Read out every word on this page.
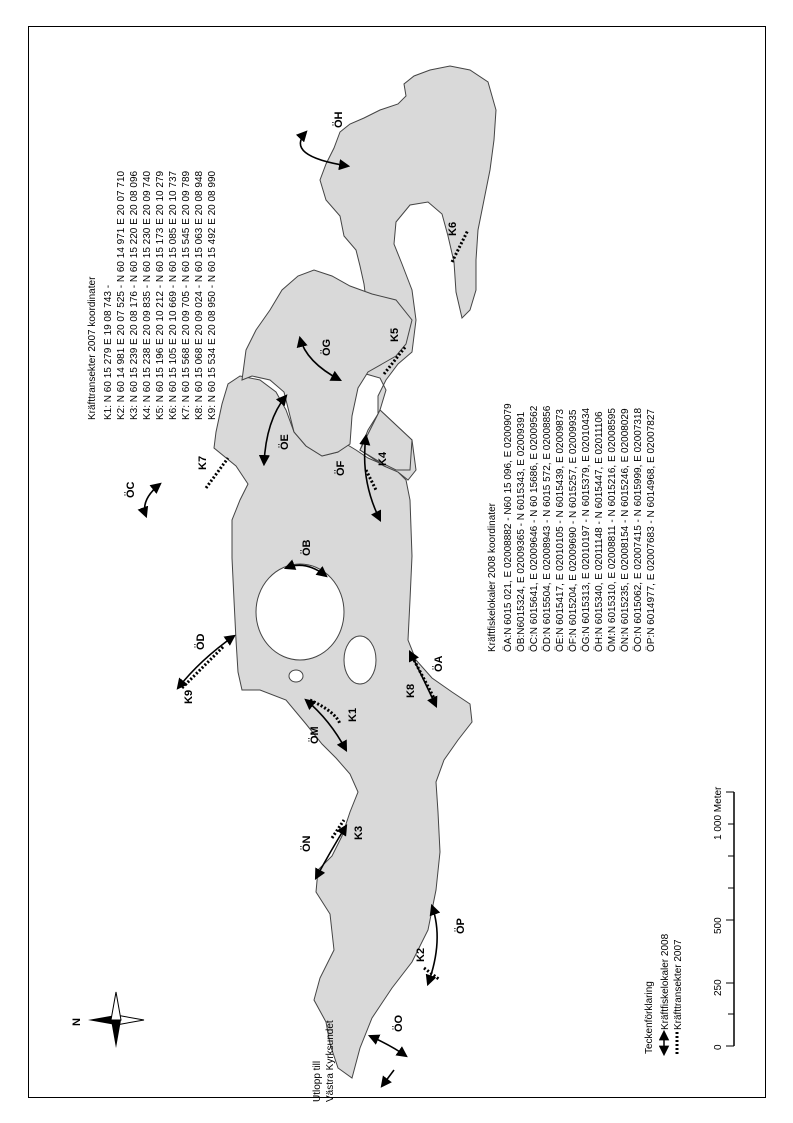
ÖA
ÖB
ÖC
ÖD
ÖE
ÖF
ÖG
ÖH
ÖM
ÖN
ÖO
ÖP
K1
K2
K3
K4
K5
K6
K7
K8
K9
Utlopp till Västra Kyrksundet
N
0
250
500
1 000 Meter
Teckenförklaring Kräftfiskelokaler 2008 Kräfttransekter 2007
Kräfttransekter 2007 koordinater K1: N 60 15 279 E 19 08 743 - K2: N 60 14 981 E 20 07 525 - N 60 14 971 E 20 07 710 K3: N 60 15 239 E 20 08 176 - N 60 15 220 E 20 08 096 K4: N 60 15 238 E 20 09 835 - N 60 15 230 E 20 09 740 K5: N 60 15 196 E 20 10 212 - N 60 15 173 E 20 10 279 K6: N 60 15 105 E 20 10 669 - N 60 15 085 E 20 10 737 K7: N 60 15 568 E 20 09 705 - N 60 15 545 E 20 09 789 K8: N 60 15 068 E 20 09 024 - N 60 15 063 E 20 08 948 K9: N 60 15 534 E 20 08 950 - N 60 15 492 E 20 08 990
Kräftfiskelokaler 2008 koordinater ÖA:N 6015 021, E 02008882 - N60 15 096, E 02009079 ÖB:N6015324, E 02009365 - N 6015343, E 02009391 ÖC:N 6015641, E 02009646 - N 60 15686, E 02009562 ÖD:N 6015504, E 02008943 - N 6015 572, E 02008856 ÖE:N 6015417, E 02010105 - N 6015439, E 02009873 ÖF:N 6015204, E 02009690 - N 6015257, E 02009935 ÖG:N 6015313, E 02010197 - N 6015379, E 02010434 ÖH:N 6015340, E 02011148 - N 6015447, E 02011106 ÖM:N 6015310, E 02008811 - N 6015216, E 02008595 ÖN:N 6015235, E 02008154 - N 6015246, E 02008029 ÖO:N 6015062, E 02007415 - N 6015999, E 02007318 ÖP:N 6014977, E 02007683 - N 6014968, E 02007827
